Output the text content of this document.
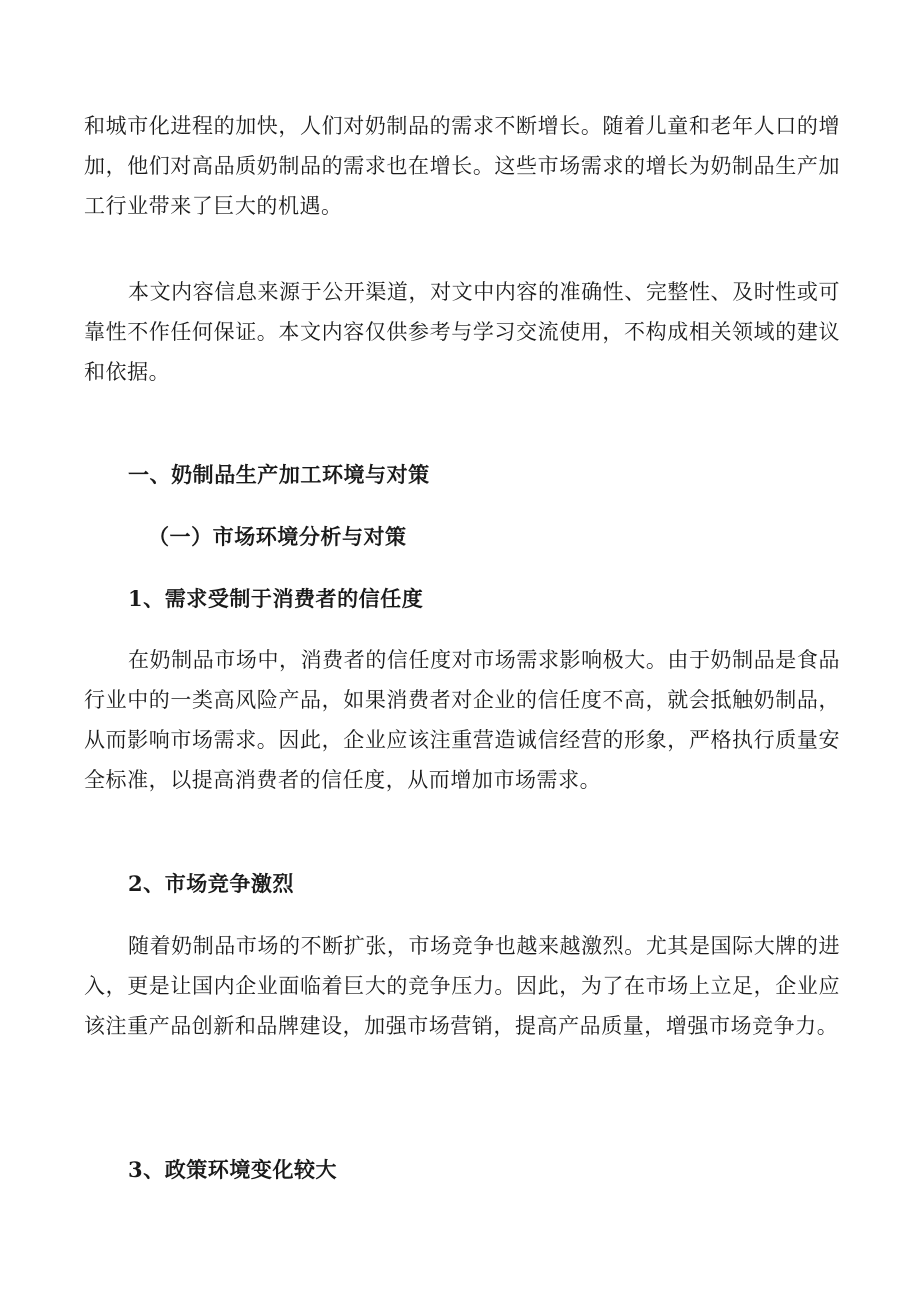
和城市化进程的加快，人们对奶制品的需求不断增长。随着儿童和老年人口的增加，他们对高品质奶制品的需求也在增长。这些市场需求的增长为奶制品生产加工行业带来了巨大的机遇。

本文内容信息来源于公开渠道，对文中内容的准确性、完整性、及时性或可靠性不作任何保证。本文内容仅供参考与学习交流使用，不构成相关领域的建议和依据。

一、奶制品生产加工环境与对策
（一）市场环境分析与对策
1、需求受制于消费者的信任度

在奶制品市场中，消费者的信任度对市场需求影响极大。由于奶制品是食品行业中的一类高风险产品，如果消费者对企业的信任度不高，就会抵触奶制品，从而影响市场需求。因此，企业应该注重营造诚信经营的形象，严格执行质量安全标准，以提高消费者的信任度，从而增加市场需求。

2、市场竞争激烈

随着奶制品市场的不断扩张，市场竞争也越来越激烈。尤其是国际大牌的进入，更是让国内企业面临着巨大的竞争压力。因此，为了在市场上立足，企业应该注重产品创新和品牌建设，加强市场营销，提高产品质量，增强市场竞争力。

3、政策环境变化较大
